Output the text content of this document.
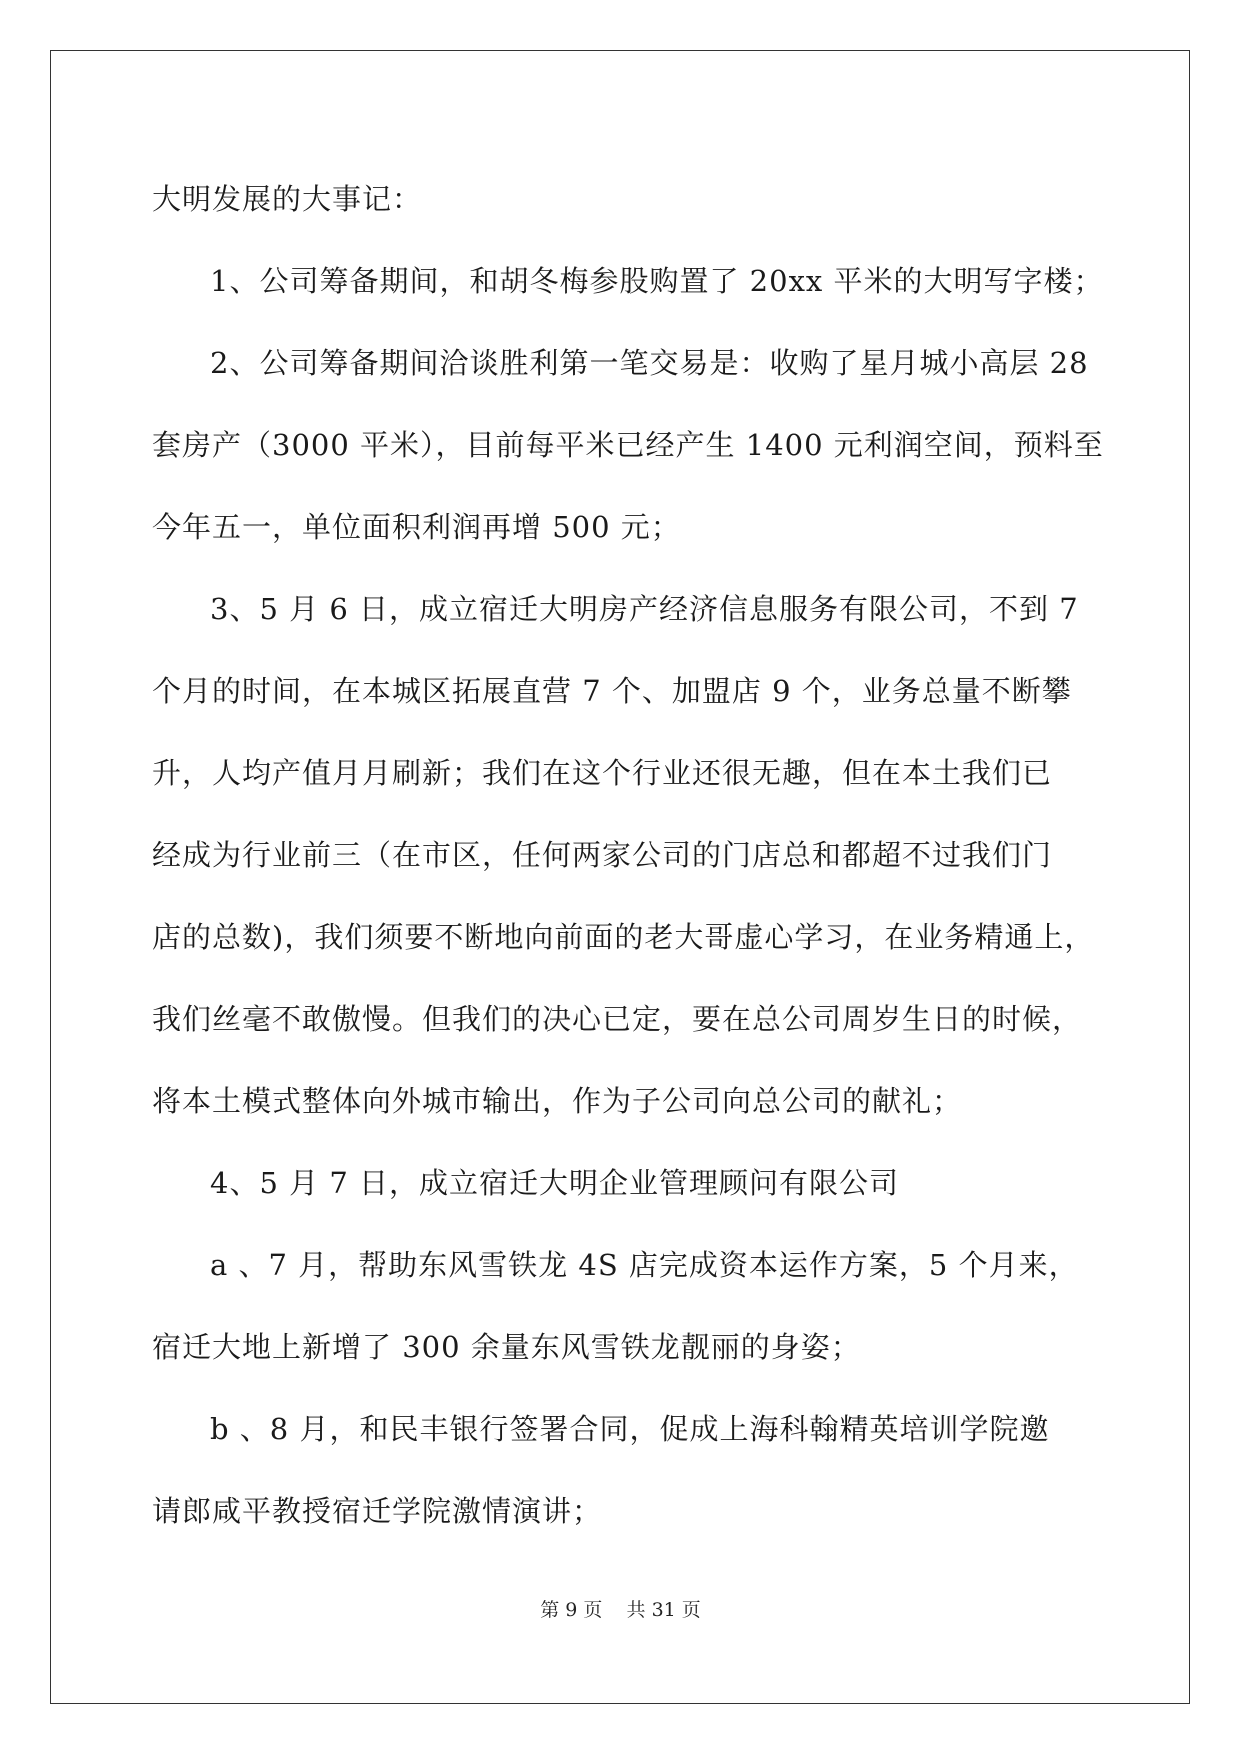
大明发展的大事记：
1、公司筹备期间，和胡冬梅参股购置了 20xx 平米的大明写字楼；
2、公司筹备期间洽谈胜利第一笔交易是：收购了星月城小高层 28
套房产（3000 平米），目前每平米已经产生 1400 元利润空间，预料至
今年五一，单位面积利润再增 500 元；
3、5 月 6 日，成立宿迁大明房产经济信息服务有限公司，不到 7
个月的时间，在本城区拓展直营 7 个、加盟店 9 个，业务总量不断攀
升，人均产值月月刷新；我们在这个行业还很无趣，但在本土我们已
经成为行业前三（在市区，任何两家公司的门店总和都超不过我们门
店的总数)，我们须要不断地向前面的老大哥虚心学习，在业务精通上，
我们丝毫不敢傲慢。但我们的决心已定，要在总公司周岁生日的时候，
将本土模式整体向外城市输出，作为子公司向总公司的献礼；
4、5 月 7 日，成立宿迁大明企业管理顾问有限公司
a 、7 月，帮助东风雪铁龙 4S 店完成资本运作方案，5 个月来，
宿迁大地上新增了 300 余量东风雪铁龙靓丽的身姿；
b 、8 月，和民丰银行签署合同，促成上海科翰精英培训学院邀
请郎咸平教授宿迁学院激情演讲；
第 9 页    共 31 页
